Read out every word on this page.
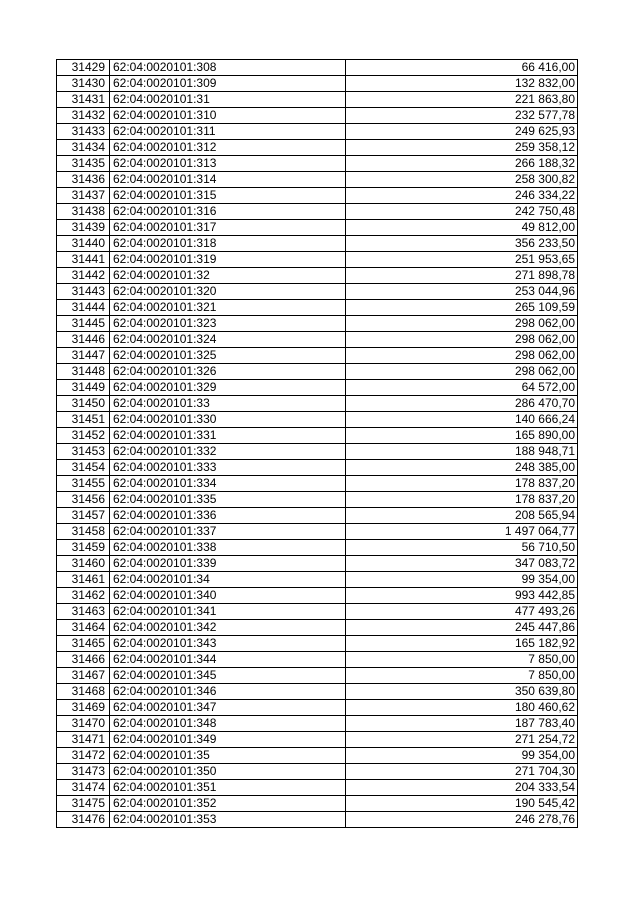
31429	62:04:0020101:308	66 416,00
31430	62:04:0020101:309	132 832,00
31431	62:04:0020101:31	221 863,80
31432	62:04:0020101:310	232 577,78
31433	62:04:0020101:311	249 625,93
31434	62:04:0020101:312	259 358,12
31435	62:04:0020101:313	266 188,32
31436	62:04:0020101:314	258 300,82
31437	62:04:0020101:315	246 334,22
31438	62:04:0020101:316	242 750,48
31439	62:04:0020101:317	49 812,00
31440	62:04:0020101:318	356 233,50
31441	62:04:0020101:319	251 953,65
31442	62:04:0020101:32	271 898,78
31443	62:04:0020101:320	253 044,96
31444	62:04:0020101:321	265 109,59
31445	62:04:0020101:323	298 062,00
31446	62:04:0020101:324	298 062,00
31447	62:04:0020101:325	298 062,00
31448	62:04:0020101:326	298 062,00
31449	62:04:0020101:329	64 572,00
31450	62:04:0020101:33	286 470,70
31451	62:04:0020101:330	140 666,24
31452	62:04:0020101:331	165 890,00
31453	62:04:0020101:332	188 948,71
31454	62:04:0020101:333	248 385,00
31455	62:04:0020101:334	178 837,20
31456	62:04:0020101:335	178 837,20
31457	62:04:0020101:336	208 565,94
31458	62:04:0020101:337	1 497 064,77
31459	62:04:0020101:338	56 710,50
31460	62:04:0020101:339	347 083,72
31461	62:04:0020101:34	99 354,00
31462	62:04:0020101:340	993 442,85
31463	62:04:0020101:341	477 493,26
31464	62:04:0020101:342	245 447,86
31465	62:04:0020101:343	165 182,92
31466	62:04:0020101:344	7 850,00
31467	62:04:0020101:345	7 850,00
31468	62:04:0020101:346	350 639,80
31469	62:04:0020101:347	180 460,62
31470	62:04:0020101:348	187 783,40
31471	62:04:0020101:349	271 254,72
31472	62:04:0020101:35	99 354,00
31473	62:04:0020101:350	271 704,30
31474	62:04:0020101:351	204 333,54
31475	62:04:0020101:352	190 545,42
31476	62:04:0020101:353	246 278,76
